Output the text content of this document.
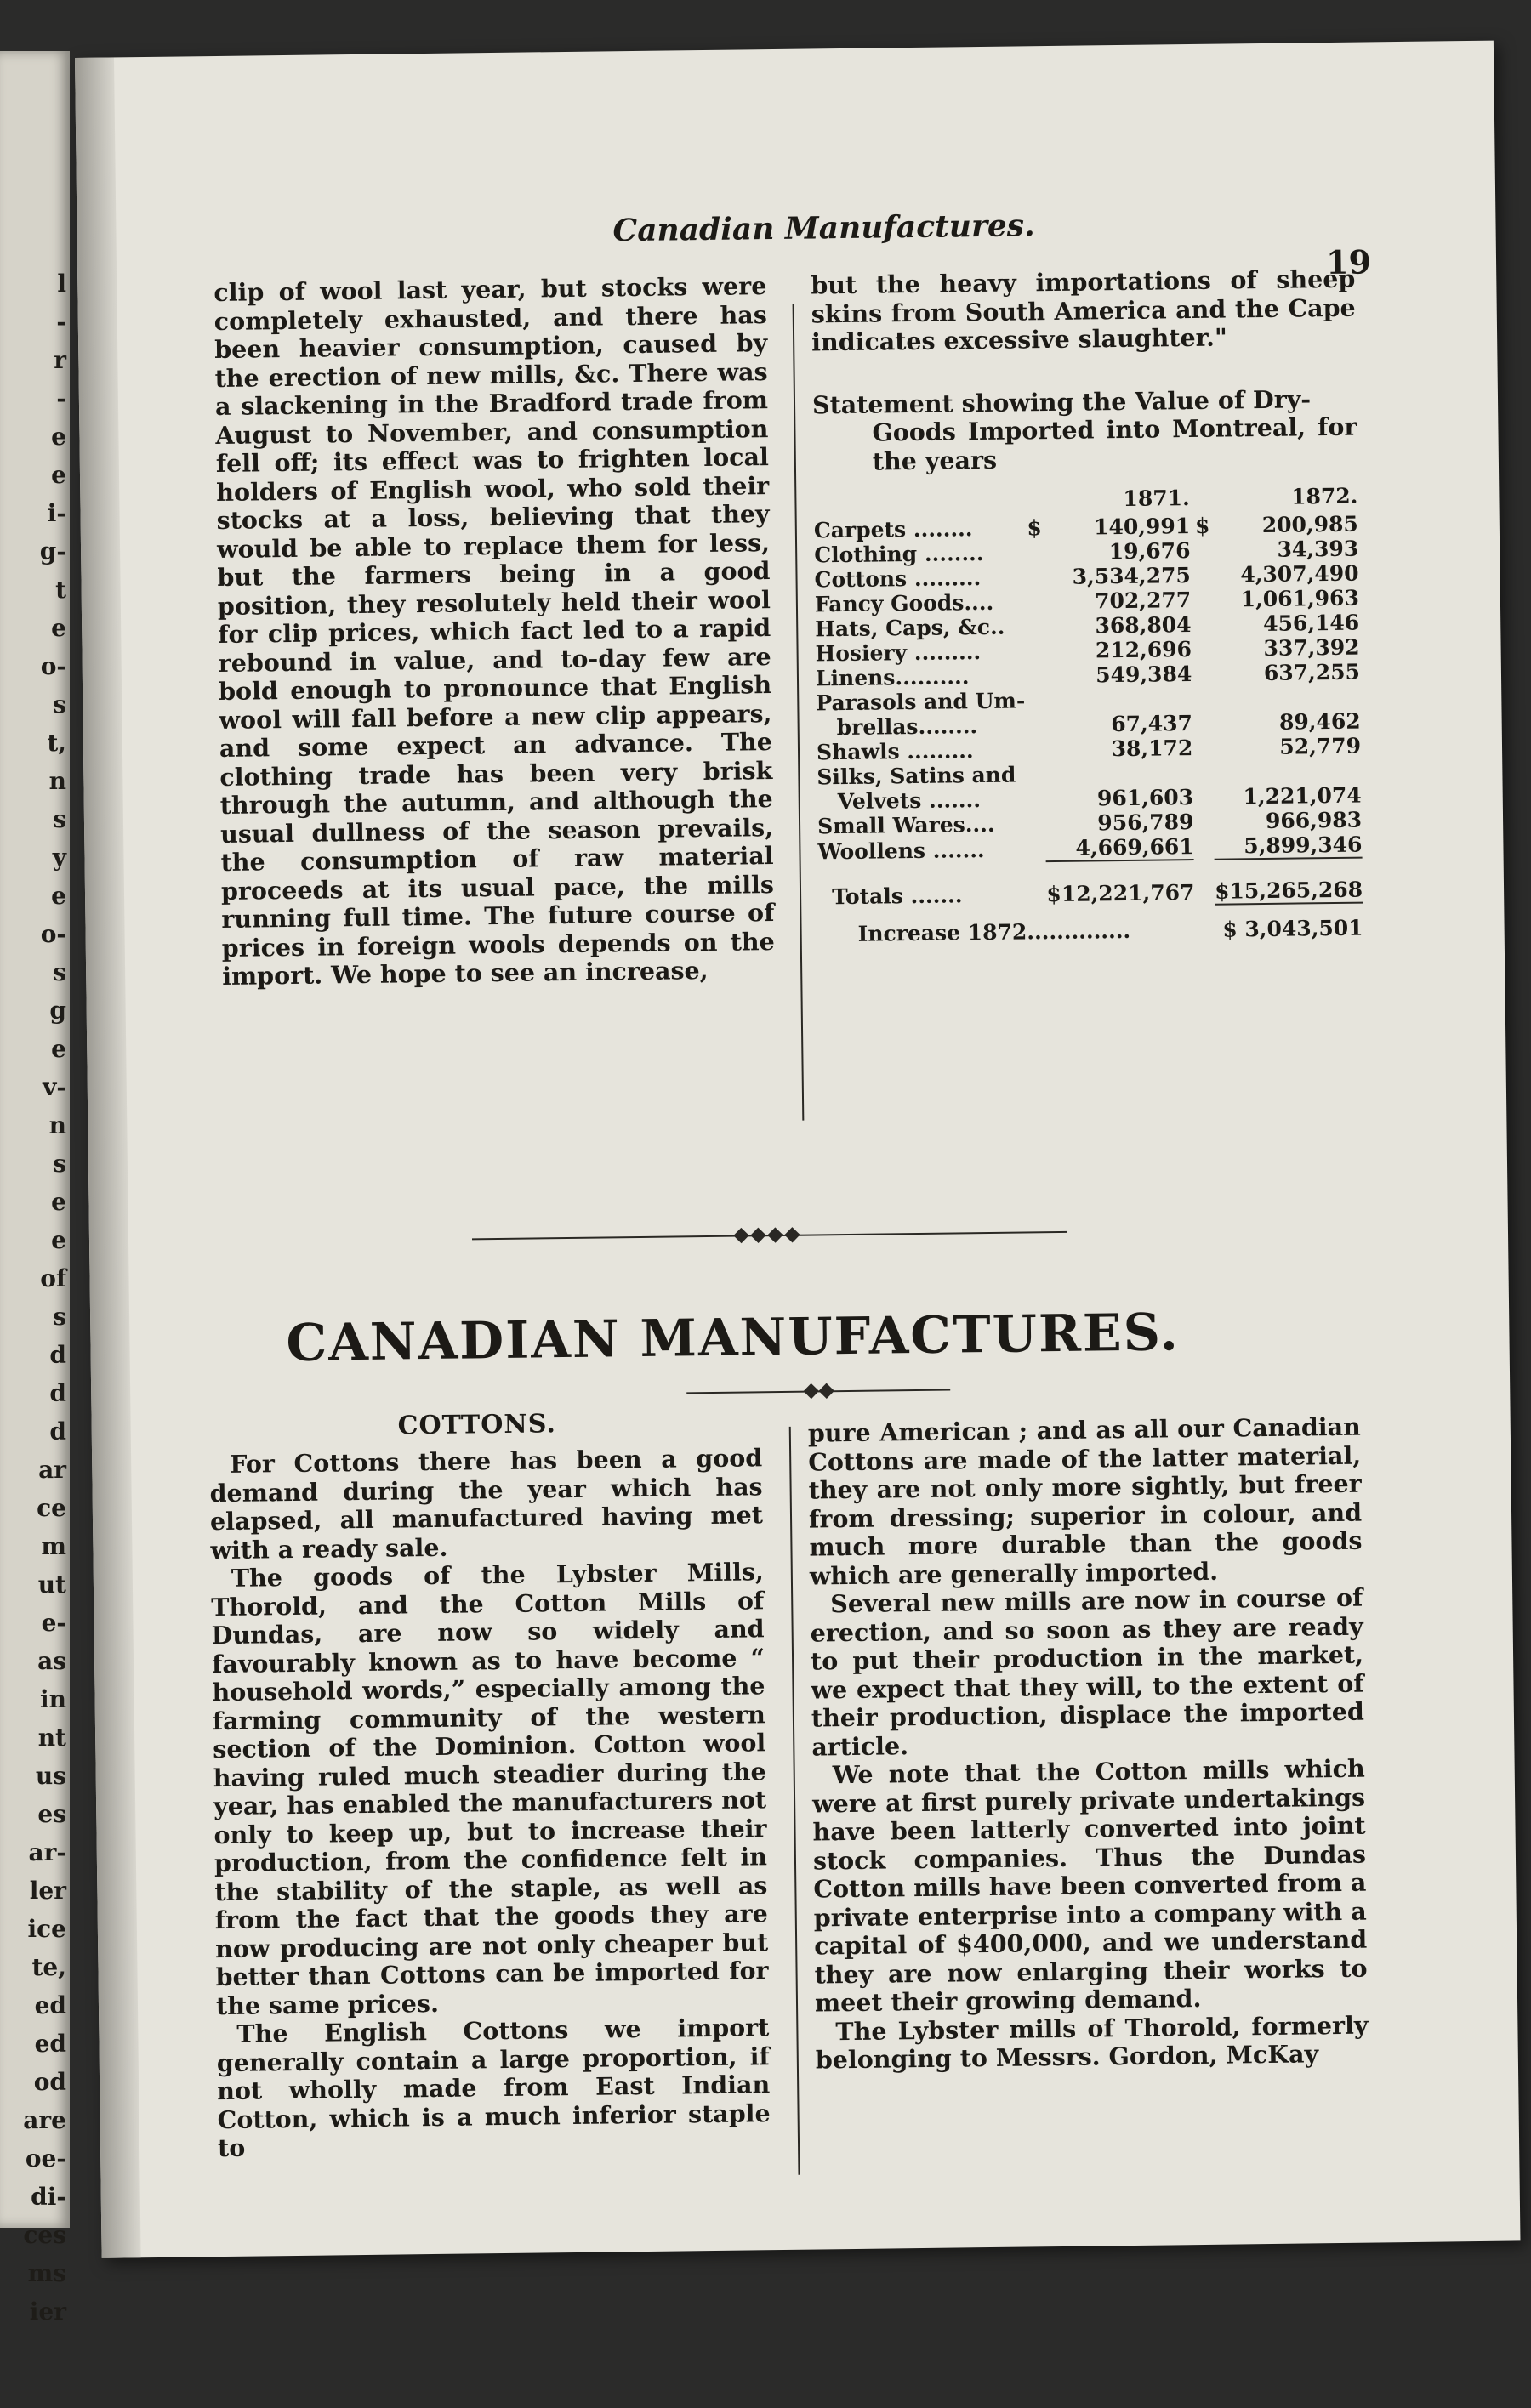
l
-
r
-
e
e
i-
g-
t
e
o-
s
t,
n
s
y
e
o-
s
g
e
v-
n
s
e
e
of
s
d
d
d
ar
ce
m
ut
e-
as
in
nt
us
es
ar-
ler
ice
te,
ed
ed
od
are
oe-
di-
ces
ms
ier
Canadian Manufactures.
19

clip of wool last year, but stocks were completely exhausted, and there has been heavier consumption, caused by the erection of new mills, &c. There was a slackening in the Bradford trade from August to November, and consumption fell off; its effect was to frighten local holders of English wool, who sold their stocks at a loss, believing that they would be able to replace them for less, but the farmers being in a good position, they resolutely held their wool for clip prices, which fact led to a rapid rebound in value, and to-day few are bold enough to pronounce that English wool will fall before a new clip appears, and some expect an advance. The clothing trade has been very brisk through the autumn, and although the usual dullness of the season prevails, the consumption of raw material proceeds at its usual pace, the mills running full time. The future course of prices in foreign wools depends on the import. We hope to see an increase,

but the heavy importations of sheep skins from South America and the Cape indicates excessive slaughter."

Statement showing the Value of Dry-
Goods Imported into Montreal, for the years
		1871.			1872.
Carpets ........	$	140,991		$	200,985
Clothing ........		19,676			34,393
Cottons .........		3,534,275			4,307,490
Fancy Goods....		702,277			1,061,963
Hats, Caps, &c..		368,804			456,146
Hosiery .........		212,696			337,392
Linens..........		549,384			637,255
Parasols and Um-					
brellas........		67,437			89,462
Shawls .........		38,172			52,779
Silks, Satins and					
Velvets .......		961,603			1,221,074
Small Wares....		956,789			966,983
Woollens .......		4,669,661			5,899,346

Totals .......		$12,221,767			$15,265,268

Increase 1872..............				$ 3,043,501	
CANADIAN MANUFACTURES.
COTTONS.

For Cottons there has been a good demand during the year which has elapsed, all manufactured having met with a ready sale.

The goods of the Lybster Mills, Thorold, and the Cotton Mills of Dundas, are now so widely and favourably known as to have become “ household words,” especially among the farming community of the western section of the Dominion. Cotton wool having ruled much steadier during the year, has enabled the manufacturers not only to keep up, but to increase their production, from the confidence felt in the stability of the staple, as well as from the fact that the goods they are now producing are not only cheaper but better than Cottons can be imported for the same prices.

The English Cottons we import generally contain a large proportion, if not wholly made from East Indian Cotton, which is a much inferior staple to

pure American ; and as all our Canadian Cottons are made of the latter material, they are not only more sightly, but freer from dressing; superior in colour, and much more durable than the goods which are generally imported.

Several new mills are now in course of erection, and so soon as they are ready to put their production in the market, we expect that they will, to the extent of their production, displace the imported article.

We note that the Cotton mills which were at first purely private undertakings have been latterly converted into joint stock companies. Thus the Dundas Cotton mills have been converted from a private enterprise into a company with a capital of $400,000, and we understand they are now enlarging their works to meet their growing demand.

The Lybster mills of Thorold, formerly belonging to Messrs. Gordon, McKay
